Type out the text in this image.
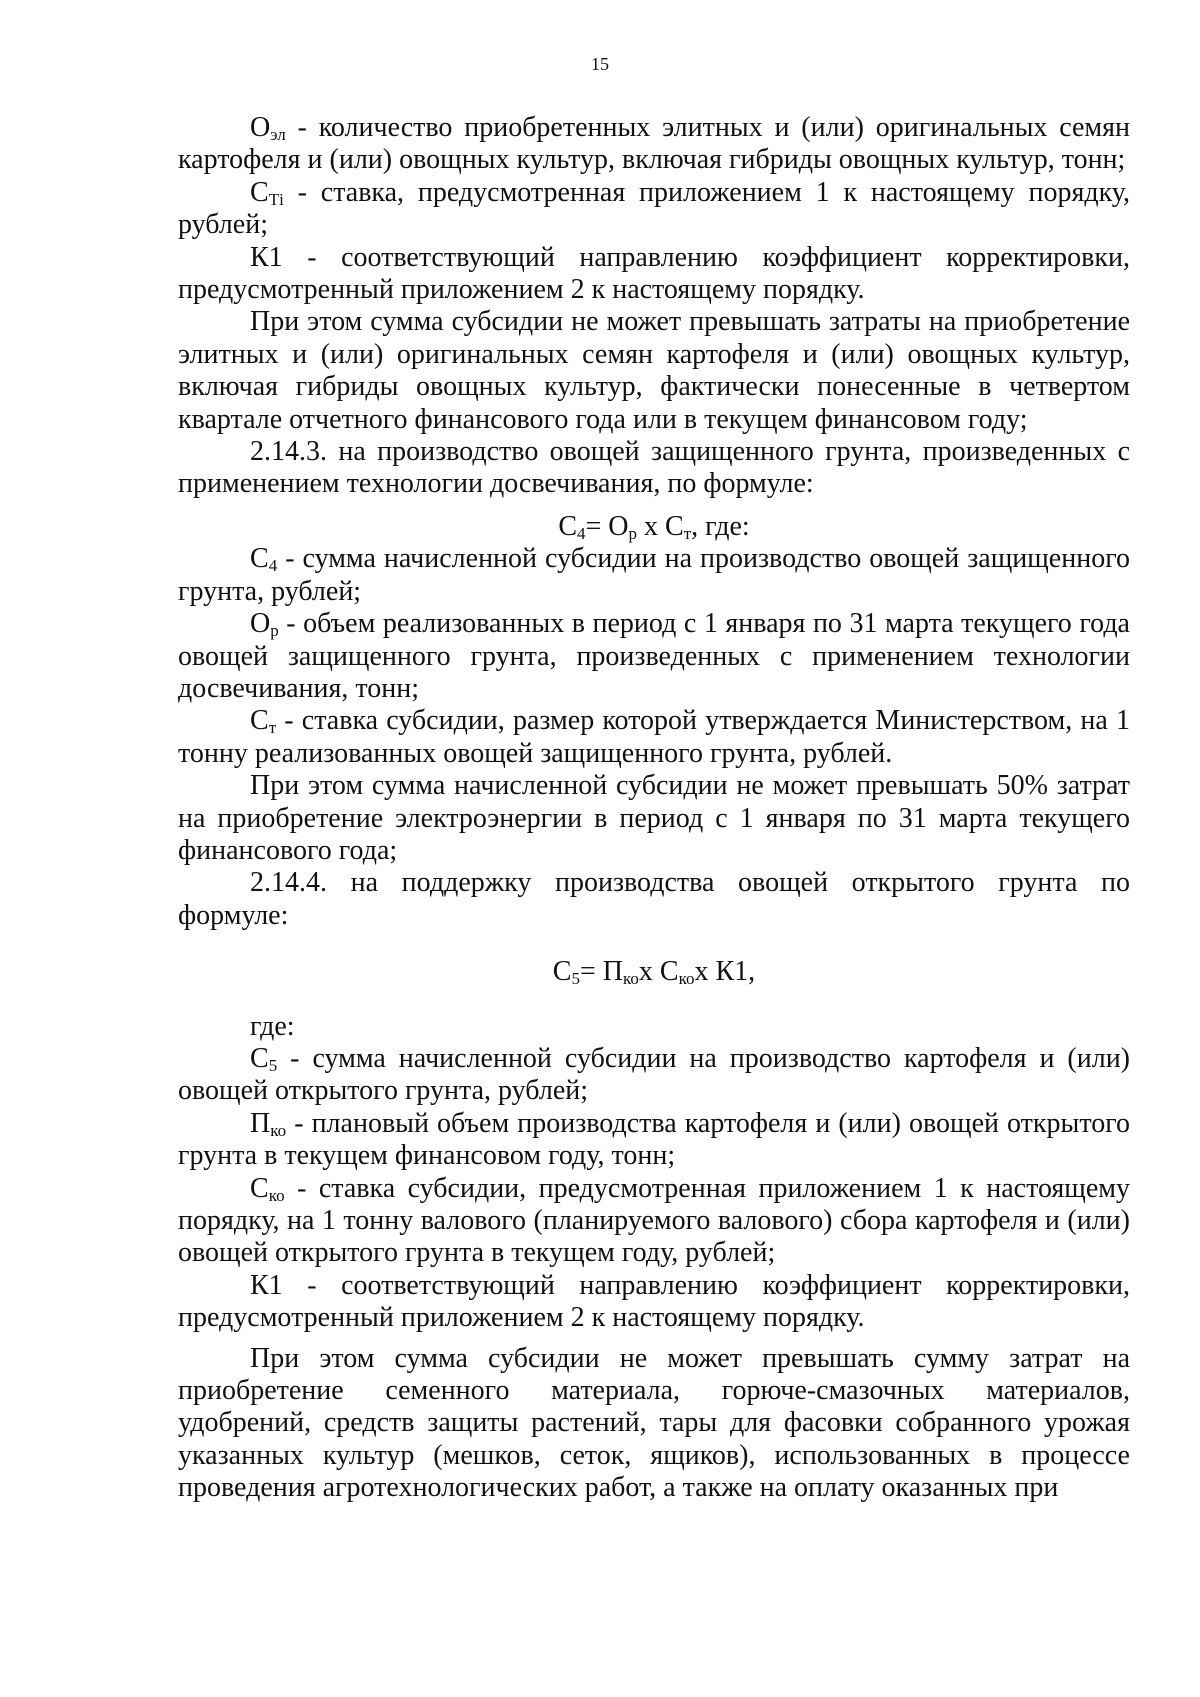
15

$О_{эл}$ - количество приобретенных элитных и (или) оригинальных семян картофеля и (или) овощных культур, включая гибриды овощных культур, тонн;

$С_{Тi}$ - ставка, предусмотренная приложением 1 к настоящему порядку, рублей;

К1 - соответствующий направлению коэффициент корректировки, предусмотренный приложением 2 к настоящему порядку.

При этом сумма субсидии не может превышать затраты на приобретение элитных и (или) оригинальных семян картофеля и (или) овощных культур, включая гибриды овощных культур, фактически понесенные в четвертом квартале отчетного финансового года или в текущем финансовом году;

2.14.3. на производство овощей защищенного грунта, произведенных с применением технологии досвечивания, по формуле:

$С_4= О_р$ х $С_т$, где:

$С_4$ - сумма начисленной субсидии на производство овощей защищенного грунта, рублей;

$О_р$ - объем реализованных в период с 1 января по 31 марта текущего года овощей защищенного грунта, произведенных с применением технологии досвечивания, тонн;

$С_т$ - ставка субсидии, размер которой утверждается Министерством, на 1 тонну реализованных овощей защищенного грунта, рублей.

При этом сумма начисленной субсидии не может превышать 50% затрат на приобретение электроэнергии в период с 1 января по 31 марта текущего финансового года;

2.14.4. на поддержку производства овощей открытого грунта по формуле:

$С_5= П_{ко}х$ $С_{ко}х$ К1,

где:

$С_5$ - сумма начисленной субсидии на производство картофеля и (или) овощей открытого грунта, рублей;

$П_{ко}$ - плановый объем производства картофеля и (или) овощей открытого грунта в текущем финансовом году, тонн;

$С_{ко}$ - ставка субсидии, предусмотренная приложением 1 к настоящему порядку, на 1 тонну валового (планируемого валового) сбора картофеля и (или) овощей открытого грунта в текущем году, рублей;

К1 - соответствующий направлению коэффициент корректировки, предусмотренный приложением 2 к настоящему порядку.

При этом сумма субсидии не может превышать сумму затрат на приобретение семенного материала, горюче-смазочных материалов, удобрений, средств защиты растений, тары для фасовки собранного урожая указанных культур (мешков, сеток, ящиков), использованных в процессе проведения агротехнологических работ, а также на оплату оказанных при
